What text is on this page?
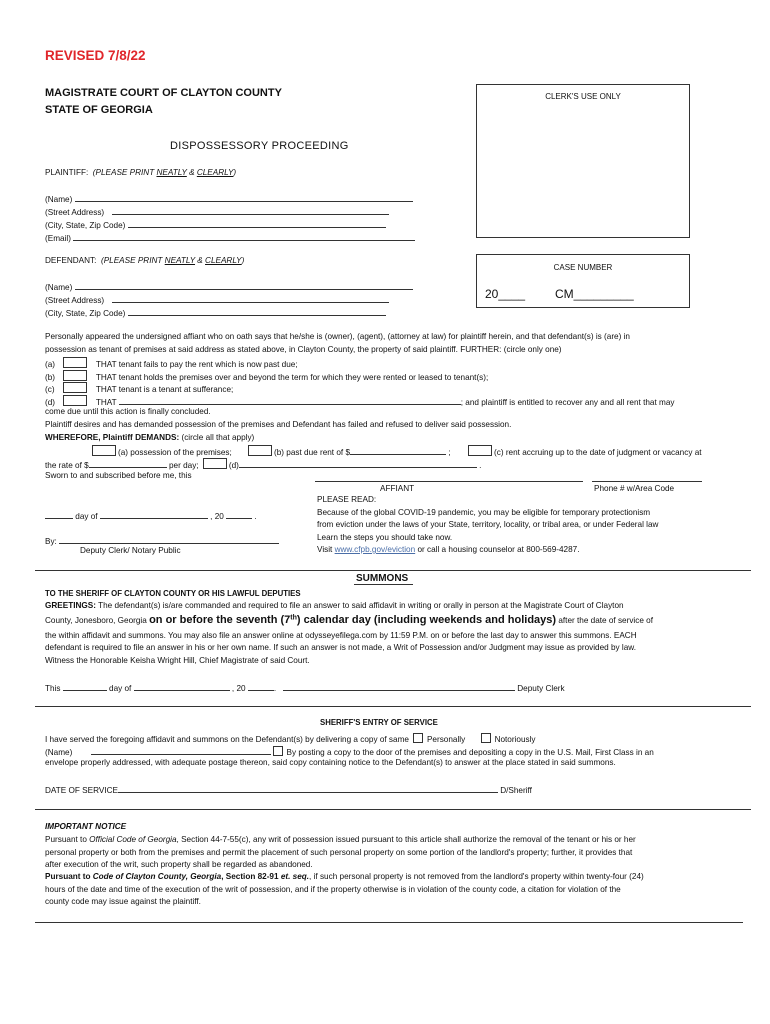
REVISED 7/8/22
MAGISTRATE COURT OF CLAYTON COUNTY
STATE OF GEORGIA
CLERK'S USE ONLY
DISPOSSESSORY PROCEEDING
PLAINTIFF: (PLEASE PRINT NEATLY & CLEARLY)
(Name)
(Street Address)
(City, State, Zip Code)
(Email)
DEFENDANT: (PLEASE PRINT NEATLY & CLEARLY)
(Name)
(Street Address)
(City, State, Zip Code)
CASE NUMBER
20____ CM_________
Personally appeared the undersigned affiant who on oath says that he/she is (owner), (agent), (attorney at law) for plaintiff herein, and that defendant(s) is (are) in
possession as tenant of premises at said address as stated above, in Clayton County, the property of said plaintiff. FURTHER: (circle only one)
(a)	THAT tenant fails to pay the rent which is now past due;
(b)	THAT tenant holds the premises over and beyond the term for which they were rented or leased to tenant(s);
(c)	THAT tenant is a tenant at sufferance;
(d)	THAT	; and plaintiff is entitled to recover any and all rent that may
come due until this action is finally concluded.
Plaintiff desires and has demanded possession of the premises and Defendant has failed and refused to deliver said possession.
WHEREFORE, Plaintiff DEMANDS: (circle all that apply)
(a) possession of the premises;	(b) past due rent of $	;	(c) rent accruing up to the date of judgment or vacancy at
the rate of $	per day;	(d)	.
Sworn to and subscribed before me, this
AFFIANT	Phone # w/Area Code
day of	, 20	.
By:
Deputy Clerk/ Notary Public
PLEASE READ:
Because of the global COVID-19 pandemic, you may be eligible for temporary protectionism
from eviction under the laws of your State, territory, locality, or tribal area, or under Federal law
Learn the steps you should take now.
Visit www.cfpb.gov/eviction or call a housing counselor at 800-569-4287.
SUMMONS
TO THE SHERIFF OF CLAYTON COUNTY OR HIS LAWFUL DEPUTIES
GREETINGS: The defendant(s) is/are commanded and required to file an answer to said affidavit in writing or orally in person at the Magistrate Court of Clayton
County, Jonesboro, Georgia on or before the seventh (7th) calendar day (including weekends and holidays) after the date of service of
the within affidavit and summons. You may also file an answer online at odysseyefilega.com by 11:59 P.M. on or before the last day to answer this summons. EACH
defendant is required to file an answer in his or her own name. If such an answer is not made, a Writ of Possession and/or Judgment may issue as provided by law.
Witness the Honorable Keisha Wright Hill, Chief Magistrate of said Court.
This	day of	, 20	.	Deputy Clerk
SHERIFF'S ENTRY OF SERVICE
I have served the foregoing affidavit and summons on the Defendant(s) by delivering a copy of same Personally	Notoriously
(Name)	By posting a copy to the door of the premises and depositing a copy in the U.S. Mail, First Class in an
envelope properly addressed, with adequate postage thereon, said copy containing notice to the Defendant(s) to answer at the place stated in said summons.
DATE OF SERVICE	D/Sheriff
IMPORTANT NOTICE
Pursuant to Official Code of Georgia, Section 44-7-55(c), any writ of possession issued pursuant to this article shall authorize the removal of the tenant or his or her
personal property or both from the premises and permit the placement of such personal property on some portion of the landlord's property; further, it provides that
after execution of the writ, such property shall be regarded as abandoned.
Pursuant to Code of Clayton County, Georgia, Section 82-91 et. seq., if such personal property is not removed from the landlord's property within twenty-four (24)
hours of the date and time of the execution of the writ of possession, and if the property otherwise is in violation of the county code, a citation for violation of the
county code may issue against the plaintiff.
